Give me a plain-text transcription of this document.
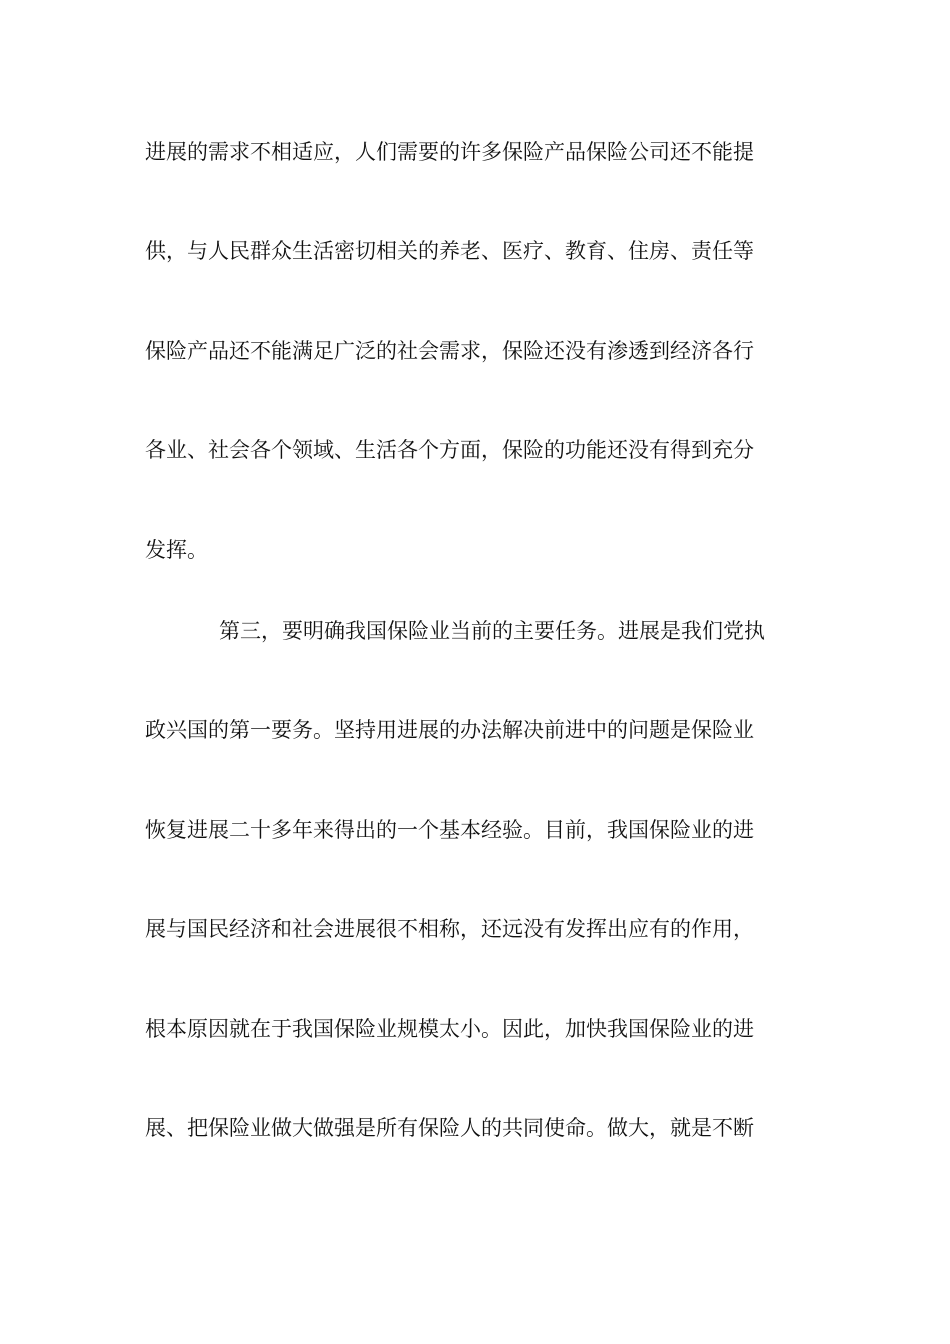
进展的需求不相适应，人们需要的许多保险产品保险公司还不能提
供，与人民群众生活密切相关的养老、医疗、教育、住房、责任等
保险产品还不能满足广泛的社会需求，保险还没有渗透到经济各行
各业、社会各个领域、生活各个方面，保险的功能还没有得到充分
发挥。
第三，要明确我国保险业当前的主要任务。进展是我们党执
政兴国的第一要务。坚持用进展的办法解决前进中的问题是保险业
恢复进展二十多年来得出的一个基本经验。目前，我国保险业的进
展与国民经济和社会进展很不相称，还远没有发挥出应有的作用，
根本原因就在于我国保险业规模太小。因此，加快我国保险业的进
展、把保险业做大做强是所有保险人的共同使命。做大，就是不断
